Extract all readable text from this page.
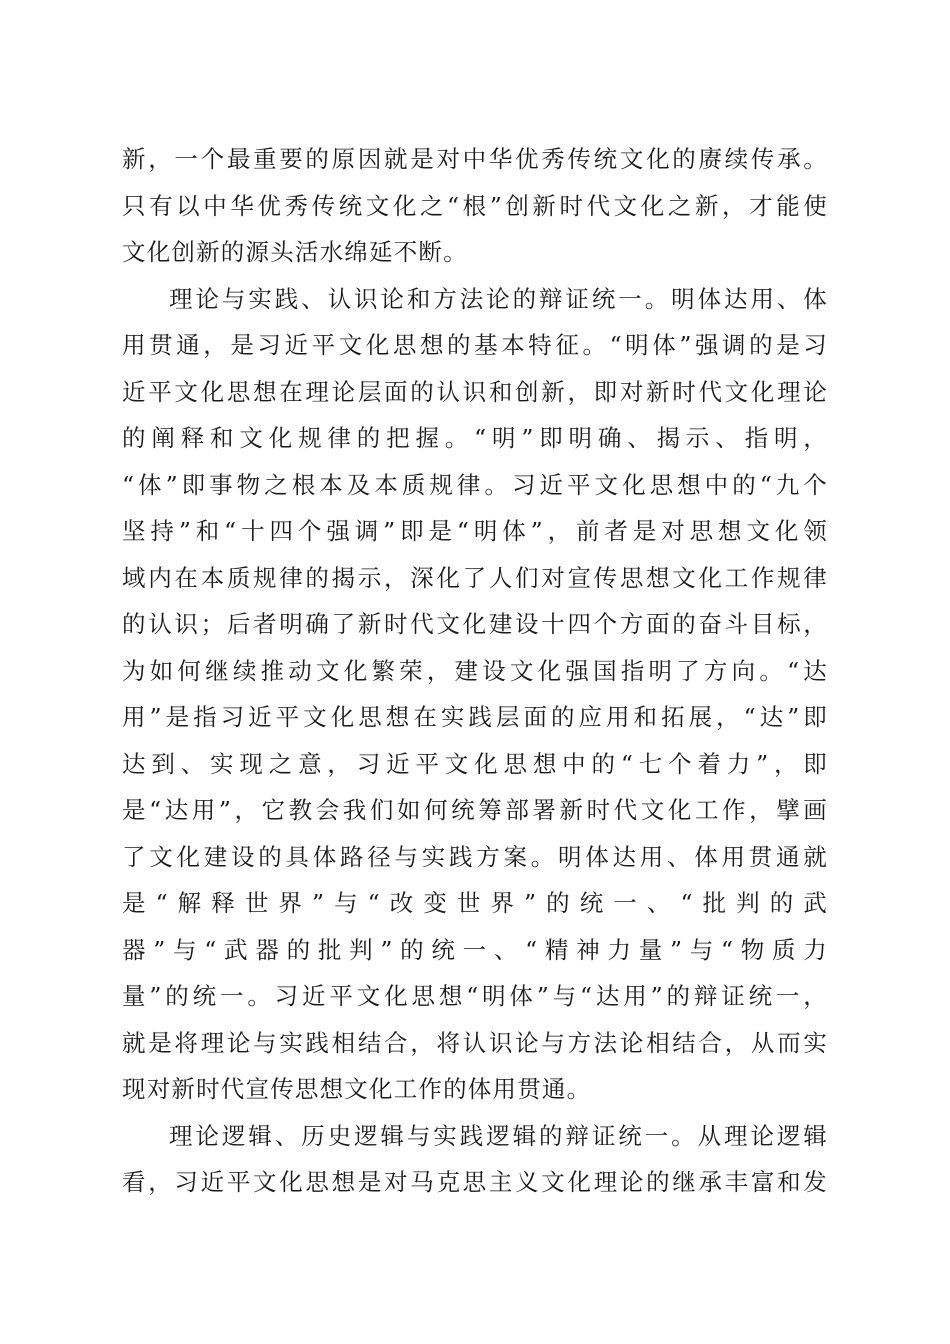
新，一个最重要的原因就是对中华优秀传统文化的赓续传承。
只有以中华优秀传统文化之“根”创新时代文化之新，才能使
文化创新的源头活水绵延不断。
理论与实践、认识论和方法论的辩证统一。明体达用、体
用贯通，是习近平文化思想的基本特征。“明体”强调的是习
近平文化思想在理论层面的认识和创新，即对新时代文化理论
的阐释和文化规律的把握。“明”即明确、揭示、指明，
“体”即事物之根本及本质规律。习近平文化思想中的“九个
坚持”和“十四个强调”即是“明体”，前者是对思想文化领
域内在本质规律的揭示，深化了人们对宣传思想文化工作规律
的认识；后者明确了新时代文化建设十四个方面的奋斗目标，
为如何继续推动文化繁荣，建设文化强国指明了方向。“达
用”是指习近平文化思想在实践层面的应用和拓展，“达”即
达到、实现之意，习近平文化思想中的“七个着力”，即
是“达用”，它教会我们如何统筹部署新时代文化工作，擘画
了文化建设的具体路径与实践方案。明体达用、体用贯通就
是“解释世界”与“改变世界”的统一、“批判的武
器”与“武器的批判”的统一、“精神力量”与“物质力
量”的统一。习近平文化思想“明体”与“达用”的辩证统一，
就是将理论与实践相结合，将认识论与方法论相结合，从而实
现对新时代宣传思想文化工作的体用贯通。
理论逻辑、历史逻辑与实践逻辑的辩证统一。从理论逻辑
看，习近平文化思想是对马克思主义文化理论的继承丰富和发
